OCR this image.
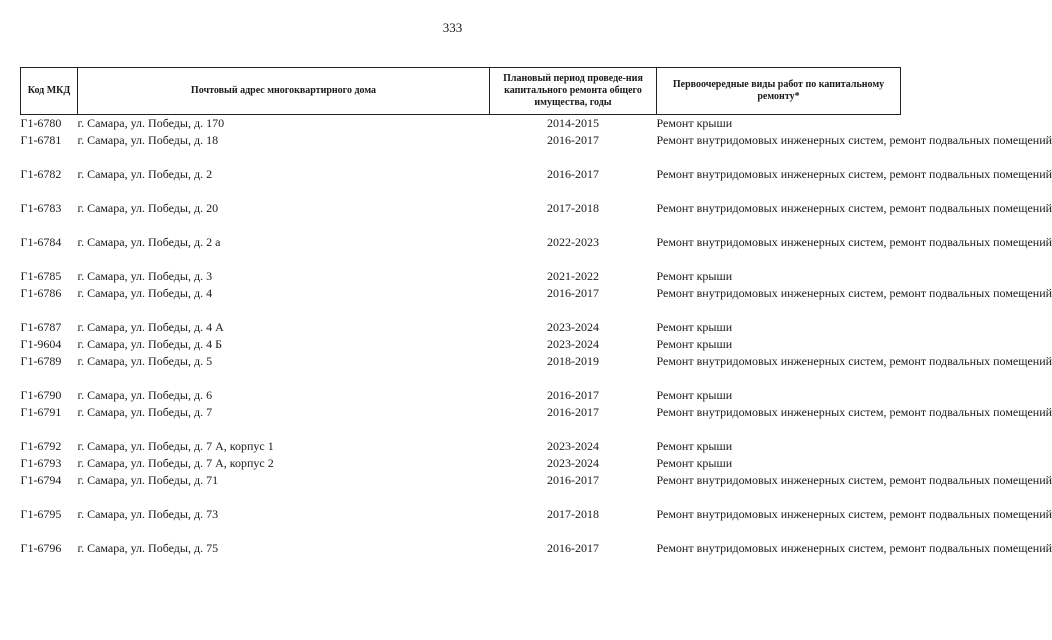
333
Код МКД	Почтовый адрес многоквартирного дома	Плановый период проведе-ния капитального ремонта общего имущества, годы	Первоочередные виды работ по капитальному ремонту*
Г1-6780	г. Самара, ул. Победы, д. 170	2014-2015	Ремонт крыши
Г1-6781	г. Самара, ул. Победы, д. 18	2016-2017	Ремонт внутридомовых инженерных систем, ремонт подвальных помещений
Г1-6782	г. Самара, ул. Победы, д. 2	2016-2017	Ремонт внутридомовых инженерных систем, ремонт подвальных помещений
Г1-6783	г. Самара, ул. Победы, д. 20	2017-2018	Ремонт внутридомовых инженерных систем, ремонт подвальных помещений
Г1-6784	г. Самара, ул. Победы, д. 2 а	2022-2023	Ремонт внутридомовых инженерных систем, ремонт подвальных помещений
Г1-6785	г. Самара, ул. Победы, д. 3	2021-2022	Ремонт крыши
Г1-6786	г. Самара, ул. Победы, д. 4	2016-2017	Ремонт внутридомовых инженерных систем, ремонт подвальных помещений
Г1-6787	г. Самара, ул. Победы, д. 4 А	2023-2024	Ремонт крыши
Г1-9604	г. Самара, ул. Победы, д. 4 Б	2023-2024	Ремонт крыши
Г1-6789	г. Самара, ул. Победы, д. 5	2018-2019	Ремонт внутридомовых инженерных систем, ремонт подвальных помещений
Г1-6790	г. Самара, ул. Победы, д. 6	2016-2017	Ремонт крыши
Г1-6791	г. Самара, ул. Победы, д. 7	2016-2017	Ремонт внутридомовых инженерных систем, ремонт подвальных помещений
Г1-6792	г. Самара, ул. Победы, д. 7 А, корпус 1	2023-2024	Ремонт крыши
Г1-6793	г. Самара, ул. Победы, д. 7 А, корпус 2	2023-2024	Ремонт крыши
Г1-6794	г. Самара, ул. Победы, д. 71	2016-2017	Ремонт внутридомовых инженерных систем, ремонт подвальных помещений
Г1-6795	г. Самара, ул. Победы, д. 73	2017-2018	Ремонт внутридомовых инженерных систем, ремонт подвальных помещений
Г1-6796	г. Самара, ул. Победы, д. 75	2016-2017	Ремонт внутридомовых инженерных систем, ремонт подвальных помещений
